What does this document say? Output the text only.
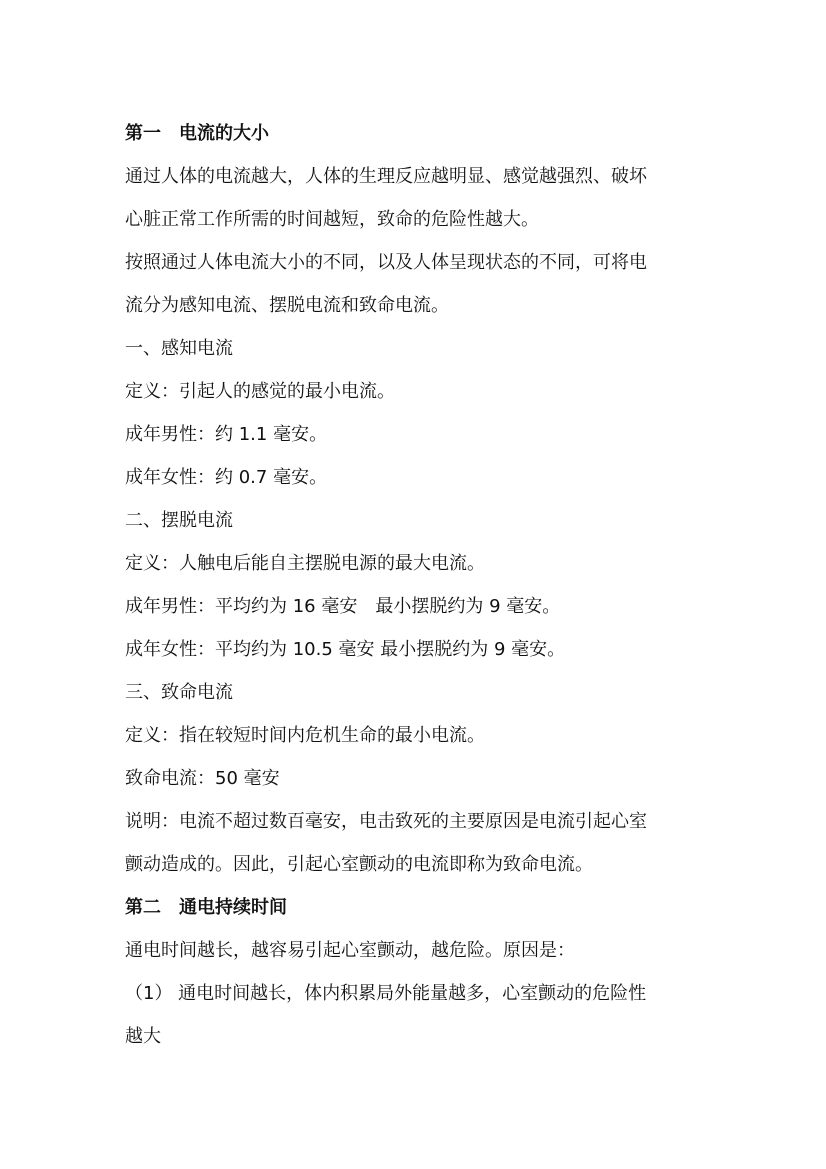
第一　电流的大小
通过人体的电流越大，人体的生理反应越明显、感觉越强烈、破坏
心脏正常工作所需的时间越短，致命的危险性越大。
按照通过人体电流大小的不同，以及人体呈现状态的不同，可将电
流分为感知电流、摆脱电流和致命电流。
一、感知电流
定义：引起人的感觉的最小电流。
成年男性：约 1.1 毫安。
成年女性：约 0.7 毫安。
二、摆脱电流
定义：人触电后能自主摆脱电源的最大电流。
成年男性：平均约为 16 毫安　最小摆脱约为 9 毫安。
成年女性：平均约为 10.5 毫安 最小摆脱约为 9 毫安。
三、致命电流
定义：指在较短时间内危机生命的最小电流。
致命电流：50 毫安
说明：电流不超过数百毫安，电击致死的主要原因是电流引起心室
颤动造成的。因此，引起心室颤动的电流即称为致命电流。
第二　通电持续时间
通电时间越长，越容易引起心室颤动，越危险。原因是：
（1） 通电时间越长，体内积累局外能量越多，心室颤动的危险性
越大
